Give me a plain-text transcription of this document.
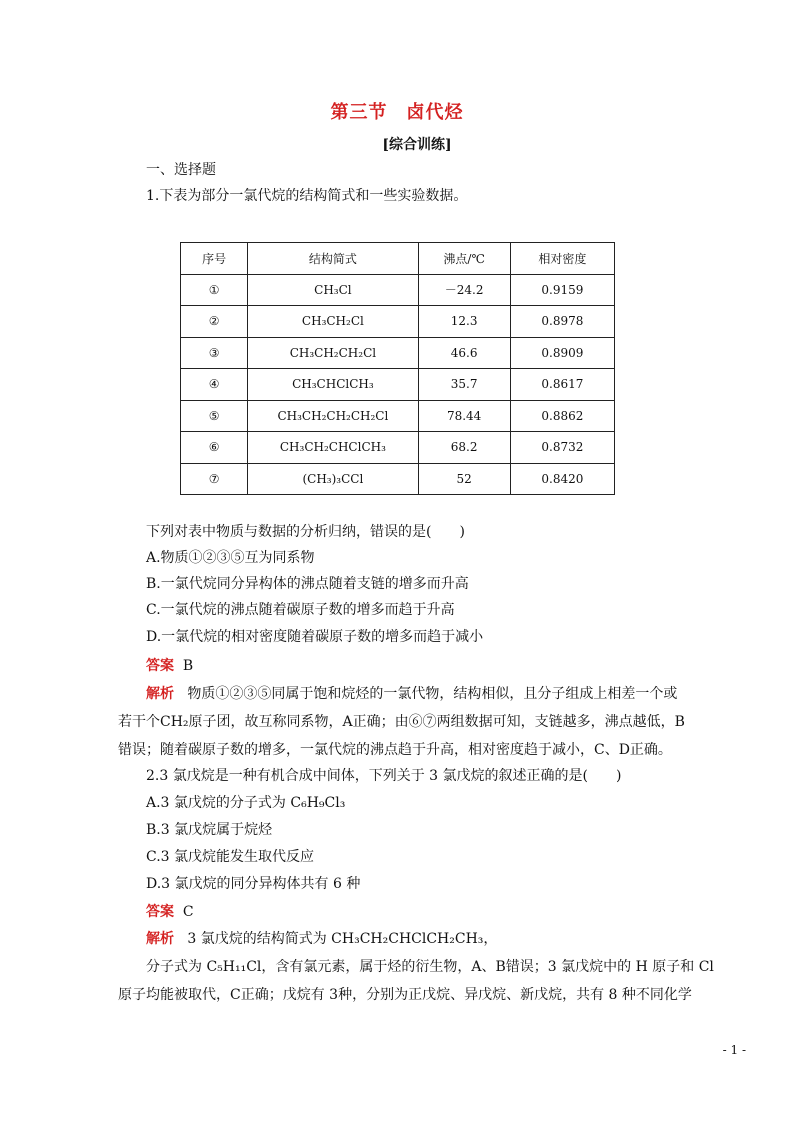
第三节　卤代烃
[综合训练]
一、选择题
1.下表为部分一氯代烷的结构简式和一些实验数据。
序号	结构简式	沸点/℃	相对密度
①	CH₃Cl	－24.2	0.9159
②	CH₃CH₂Cl	12.3	0.8978
③	CH₃CH₂CH₂Cl	46.6	0.8909
④	CH₃CHClCH₃	35.7	0.8617
⑤	CH₃CH₂CH₂CH₂Cl	78.44	0.8862
⑥	CH₃CH₂CHClCH₃	68.2	0.8732
⑦	(CH₃)₃CCl	52	0.8420
下列对表中物质与数据的分析归纳，错误的是(　　)
A.物质①②③⑤互为同系物
B.一氯代烷同分异构体的沸点随着支链的增多而升高
C.一氯代烷的沸点随着碳原子数的增多而趋于升高
D.一氯代烷的相对密度随着碳原子数的增多而趋于减小
答案 B
解析 物质①②③⑤同属于饱和烷烃的一氯代物，结构相似，且分子组成上相差一个或
若干个CH₂原子团，故互称同系物，A正确；由⑥⑦两组数据可知，支链越多，沸点越低，B
错误；随着碳原子数的增多，一氯代烷的沸点趋于升高，相对密度趋于减小，C、D正确。
2.3 氯戊烷是一种有机合成中间体，下列关于 3 氯戊烷的叙述正确的是(　　)
A.3 氯戊烷的分子式为 C₆H₉Cl₃
B.3 氯戊烷属于烷烃
C.3 氯戊烷能发生取代反应
D.3 氯戊烷的同分异构体共有 6 种
答案 C
解析 3 氯戊烷的结构简式为 CH₃CH₂CHClCH₂CH₃，
分子式为 C₅H₁₁Cl，含有氯元素，属于烃的衍生物，A、B错误；3 氯戊烷中的 H 原子和 Cl
原子均能被取代，C正确；戊烷有 3种，分别为正戊烷、异戊烷、新戊烷，共有 8 种不同化学
- 1 -
